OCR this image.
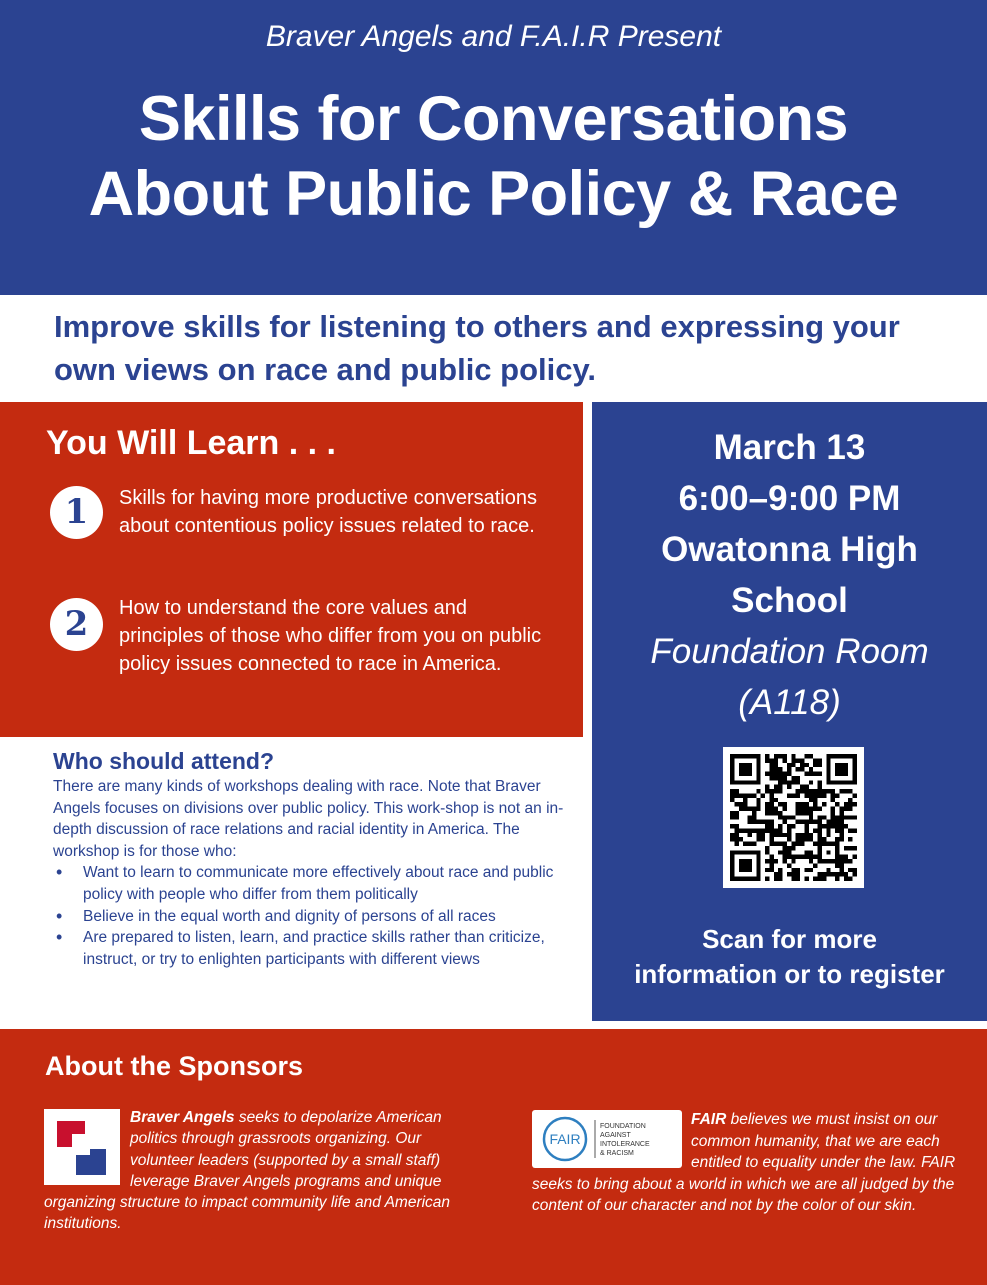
Braver Angels and F.A.I.R Present
Skills for Conversations
About Public Policy & Race
Improve skills for listening to others and expressing your own views on race and public policy.
You Will Learn . . .
1	Skills for having more productive conversations about contentious policy issues related to race.
2	How to understand the core values and principles of those who differ from you on public policy issues connected to race in America.
March 13
6:00–9:00 PM
Owatonna High
School
Foundation Room
(A118)
Scan for more
information or to register
Who should attend?
There are many kinds of workshops dealing with race. Note that Braver Angels focuses on divisions over public policy. This work-shop is not an in-depth discussion of race relations and racial identity in America. The workshop is for those who:
• Want to learn to communicate more effectively about race and public policy with people who differ from them politically
• Believe in the equal worth and dignity of persons of all races
• Are prepared to listen, learn, and practice skills rather than criticize, instruct, or try to enlighten participants with different views
About the Sponsors
Braver Angels seeks to depolarize American politics through grassroots organizing. Our volunteer leaders (supported by a small staff) leverage Braver Angels programs and unique organizing structure to impact community life and American institutions.
FAIR believes we must insist on our common humanity, that we are each entitled to equality under the law. FAIR seeks to bring about a world in which we are all judged by the content of our character and not by the color of our skin.
FAIR
FOUNDATION
AGAINST
INTOLERANCE
& RACISM
